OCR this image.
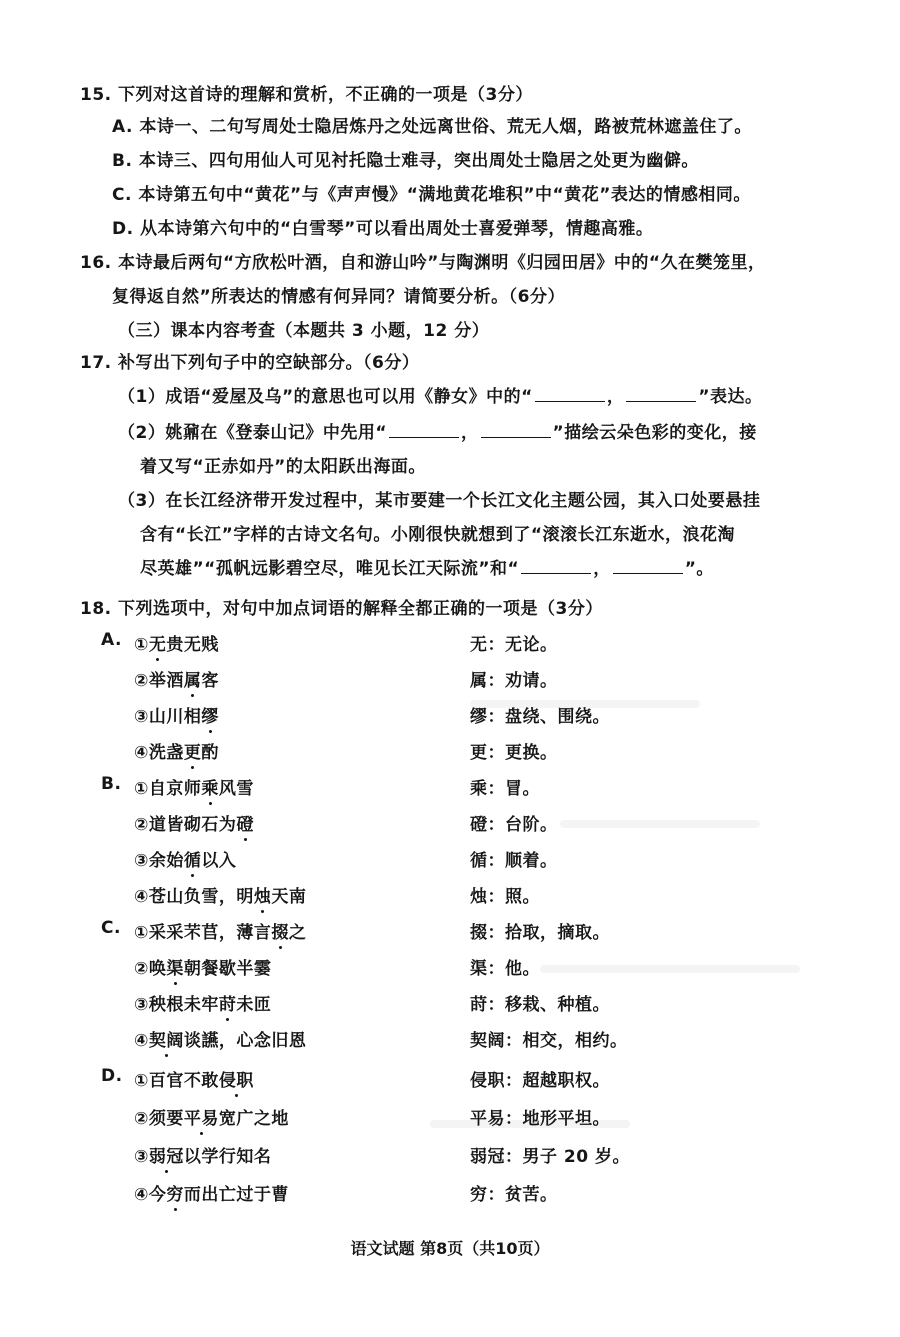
15. 下列对这首诗的理解和赏析，不正确的一项是（3分）
A. 本诗一、二句写周处士隐居炼丹之处远离世俗、荒无人烟，路被荒林遮盖住了。
B. 本诗三、四句用仙人可见衬托隐士难寻，突出周处士隐居之处更为幽僻。
C. 本诗第五句中“黄花”与《声声慢》“满地黄花堆积”中“黄花”表达的情感相同。
D. 从本诗第六句中的“白雪琴”可以看出周处士喜爱弹琴，情趣高雅。
16. 本诗最后两句“方欣松叶酒，自和游山吟”与陶渊明《归园田居》中的“久在樊笼里，
复得返自然”所表达的情感有何异同？请简要分析。（6分）
（三）课本内容考查（本题共 3 小题，12 分）
17. 补写出下列句子中的空缺部分。（6分）
（1）成语“爱屋及乌”的意思也可以用《静女》中的“	，	”表达。
（2）姚鼐在《登泰山记》中先用“	，	”描绘云朵色彩的变化，接
着又写“正赤如丹”的太阳跃出海面。
（3）在长江经济带开发过程中，某市要建一个长江文化主题公园，其入口处要悬挂
含有“长江”字样的古诗文名句。小刚很快就想到了“滚滚长江东逝水，浪花淘
尽英雄”“孤帆远影碧空尽，唯见长江天际流”和“	，	”。
18. 下列选项中，对句中加点词语的解释全都正确的一项是（3分）
A. ①无贵无贱	无：无论。
②举酒属客	属：劝请。
③山川相缪	缪：盘绕、围绕。
④洗盏更酌	更：更换。
B. ①自京师乘风雪	乘：冒。
②道皆砌石为磴	磴：台阶。
③余始循以入	循：顺着。
④苍山负雪，明烛天南	烛：照。
C. ①采采芣苢，薄言掇之	掇：拾取，摘取。
②唤渠朝餐歇半霎	渠：他。
③秧根未牢莳未匝	莳：移栽、种植。
④契阔谈讌，心念旧恩	契阔：相交，相约。
D. ①百官不敢侵职	侵职：超越职权。
②须要平易宽广之地	平易：地形平坦。
③弱冠以学行知名	弱冠：男子 20 岁。
④今穷而出亡过于曹	穷：贫苦。
语文试题 第8页（共10页）
